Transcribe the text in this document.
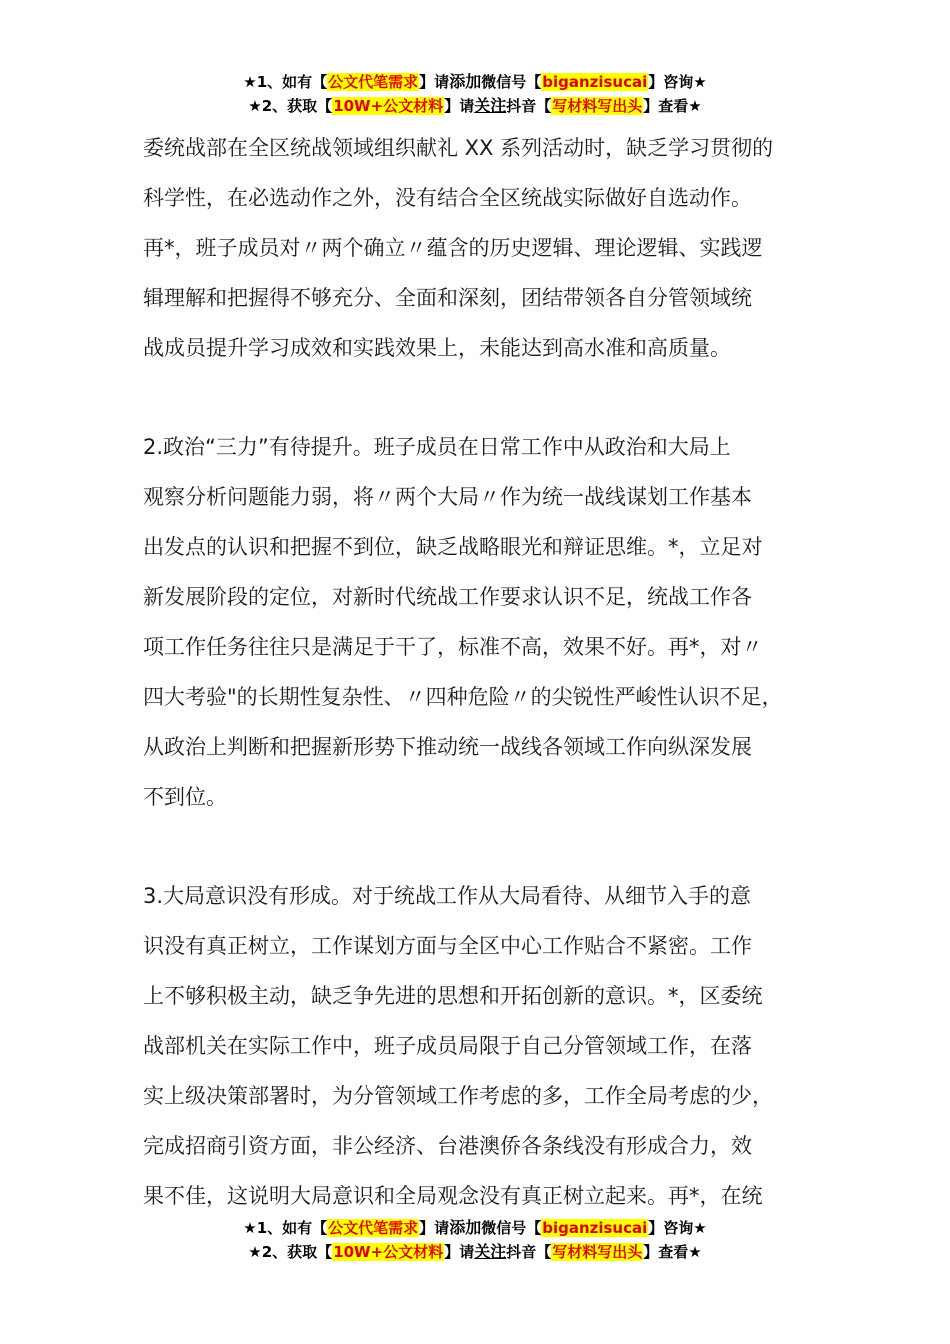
★1、如有【公文代笔需求】请添加微信号【biganzisucai】咨询★
★2、获取【10W+公文材料】请关注抖音【写材料写出头】查看★
委统战部在全区统战领域组织献礼 XX 系列活动时，缺乏学习贯彻的
科学性，在必选动作之外，没有结合全区统战实际做好自选动作。
再*，班子成员对〃两个确立〃蕴含的历史逻辑、理论逻辑、实践逻
辑理解和把握得不够充分、全面和深刻，团结带领各自分管领域统
战成员提升学习成效和实践效果上，未能达到高水准和高质量。
2.政治“三力”有待提升。班子成员在日常工作中从政治和大局上
观察分析问题能力弱，将〃两个大局〃作为统一战线谋划工作基本
出发点的认识和把握不到位，缺乏战略眼光和辩证思维。*，立足对
新发展阶段的定位，对新时代统战工作要求认识不足，统战工作各
项工作任务往往只是满足于干了，标准不高，效果不好。再*，对〃
四大考验"的长期性复杂性、〃四种危险〃的尖锐性严峻性认识不足，
从政治上判断和把握新形势下推动统一战线各领域工作向纵深发展
不到位。
3.大局意识没有形成。对于统战工作从大局看待、从细节入手的意
识没有真正树立，工作谋划方面与全区中心工作贴合不紧密。工作
上不够积极主动，缺乏争先进的思想和开拓创新的意识。*，区委统
战部机关在实际工作中，班子成员局限于自己分管领域工作，在落
实上级决策部署时，为分管领域工作考虑的多，工作全局考虑的少，
完成招商引资方面，非公经济、台港澳侨各条线没有形成合力，效
果不佳，这说明大局意识和全局观念没有真正树立起来。再*，在统
★1、如有【公文代笔需求】请添加微信号【biganzisucai】咨询★
★2、获取【10W+公文材料】请关注抖音【写材料写出头】查看★
